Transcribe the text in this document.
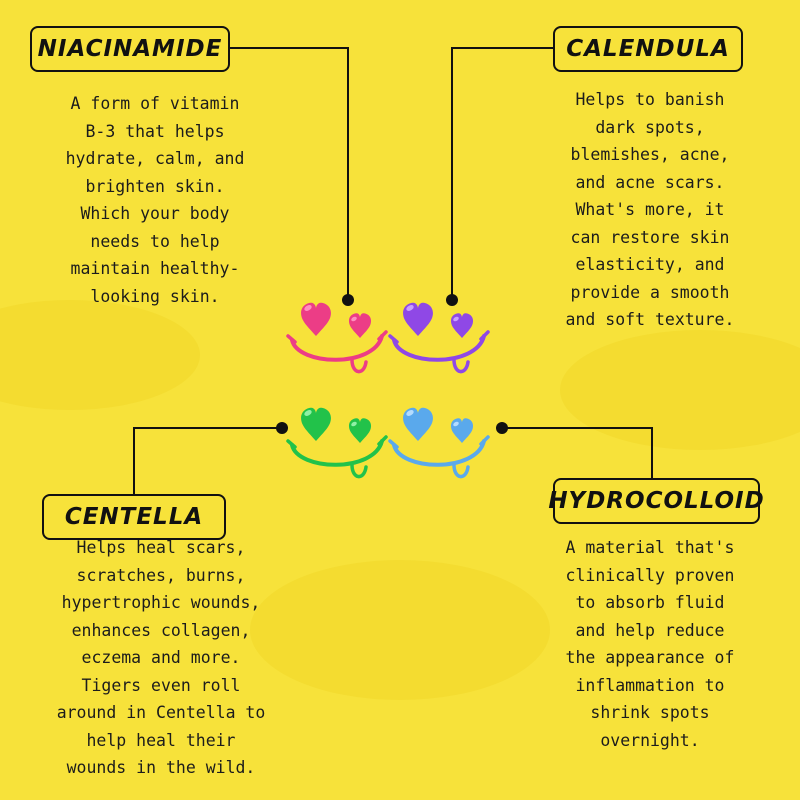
NIACINAMIDE	CALENDULA
CENTELLA
HYDROCOLLOID

A form of vitamin
B-3 that helps
hydrate, calm, and
brighten skin.
Which your body
needs to help
maintain healthy-
looking skin.

Helps to banish
dark spots,
blemishes, acne,
and acne scars.
What's more, it
can restore skin
elasticity, and
provide a smooth
and soft texture.

Helps heal scars,
scratches, burns,
hypertrophic wounds,
enhances collagen,
eczema and more.
Tigers even roll
around in Centella to
help heal their
wounds in the wild.

A material that's
clinically proven
to absorb fluid
and help reduce
the appearance of
inflammation to
shrink spots
overnight.
